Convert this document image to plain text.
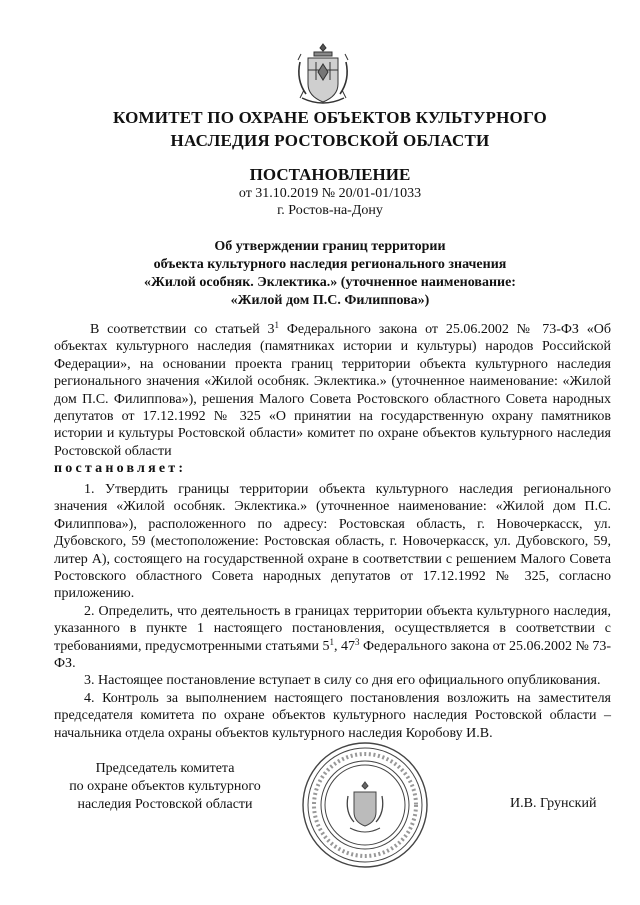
КОМИТЕТ ПО ОХРАНЕ ОБЪЕКТОВ КУЛЬТУРНОГО
НАСЛЕДИЯ РОСТОВСКОЙ ОБЛАСТИ
ПОСТАНОВЛЕНИЕ
от 31.10.2019 № 20/01-01/1033
г. Ростов-на-Дону
Об утверждении границ территории
объекта культурного наследия регионального значения
«Жилой особняк. Эклектика.» (уточненное наименование:
«Жилой дом П.С. Филиппова»)

В соответствии со статьей $3^1$ Федерального закона от 25.06.2002 № 73-ФЗ «Об объектах культурного наследия (памятниках истории и культуры) народов Российской Федерации», на основании проекта границ территории объекта культурного наследия регионального значения «Жилой особняк. Эклектика.» (уточненное наименование: «Жилой дом П.С. Филиппова»), решения Малого Совета Ростовского областного Совета народных депутатов от 17.12.1992 № 325 «О принятии на государственную охрану памятников истории и культуры Ростовской области» комитет по охране объектов культурного наследия Ростовской области

постановляет:

1. Утвердить границы территории объекта культурного наследия регионального значения «Жилой особняк. Эклектика.» (уточненное наименование: «Жилой дом П.С. Филиппова»), расположенного по адресу: Ростовская область, г. Новочеркасск, ул. Дубовского, 59 (местоположение: Ростовская область, г. Новочеркасск, ул. Дубовского, 59, литер А), состоящего на государственной охране в соответствии с решением Малого Совета Ростовского областного Совета народных депутатов от 17.12.1992 № 325, согласно приложению.

2. Определить, что деятельность в границах территории объекта культурного наследия, указанного в пункте 1 настоящего постановления, осуществляется в соответствии с требованиями, предусмотренными статьями $5^1$, $47^3$ Федерального закона от 25.06.2002 № 73-ФЗ.

3. Настоящее постановление вступает в силу со дня его официального опубликования.

4. Контроль за выполнением настоящего постановления возложить на заместителя председателя комитета по охране объектов культурного наследия Ростовской области – начальника отдела охраны объектов культурного наследия Коробову И.В.

Председатель комитета
по охране объектов культурного
наследия Ростовской области	И.В. Грунский
